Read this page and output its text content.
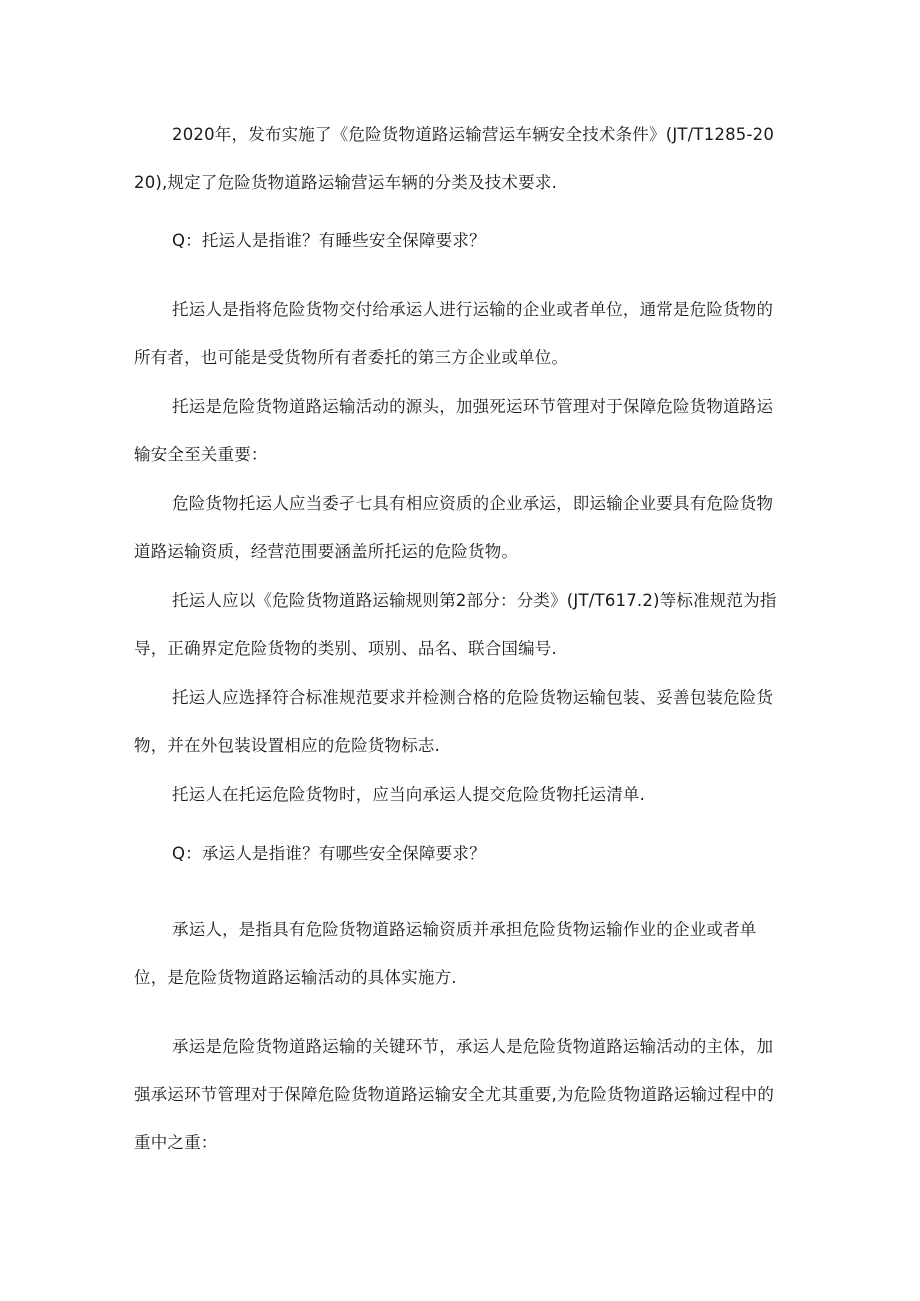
2020年，发布实施了《危险货物道路运输营运车辆安全技术条件》(JT/T1285-2020),规定了危险货物道路运输营运车辆的分类及技术要求.

Q：托运人是指谁？有睡些安全保障要求？

托运人是指将危险货物交付给承运人进行运输的企业或者单位，通常是危险货物的所有者，也可能是受货物所有者委托的第三方企业或单位。

托运是危险货物道路运输活动的源头，加强死运环节管理对于保障危险货物道路运输安全至关重要：

危险货物托运人应当委孑七具有相应资质的企业承运，即运输企业要具有危险货物道路运输资质，经营范围要涵盖所托运的危险货物。

托运人应以《危险货物道路运输规则第2部分：分类》(JT/T617.2)等标准规范为指导，正确界定危险货物的类别、项别、品名、联合国编号.

托运人应选择符合标准规范要求并检测合格的危险货物运输包装、妥善包装危险货物，并在外包装设置相应的危险货物标志.

托运人在托运危险货物时，应当向承运人提交危险货物托运清单.

Q：承运人是指谁？有哪些安全保障要求？

承运人，是指具有危险货物道路运输资质并承担危险货物运输作业的企业或者单位，是危险货物道路运输活动的具体实施方.

承运是危险货物道路运输的关键环节，承运人是危险货物道路运输活动的主体，加强承运环节管理对于保障危险货物道路运输安全尤其重要,为危险货物道路运输过程中的重中之重：
